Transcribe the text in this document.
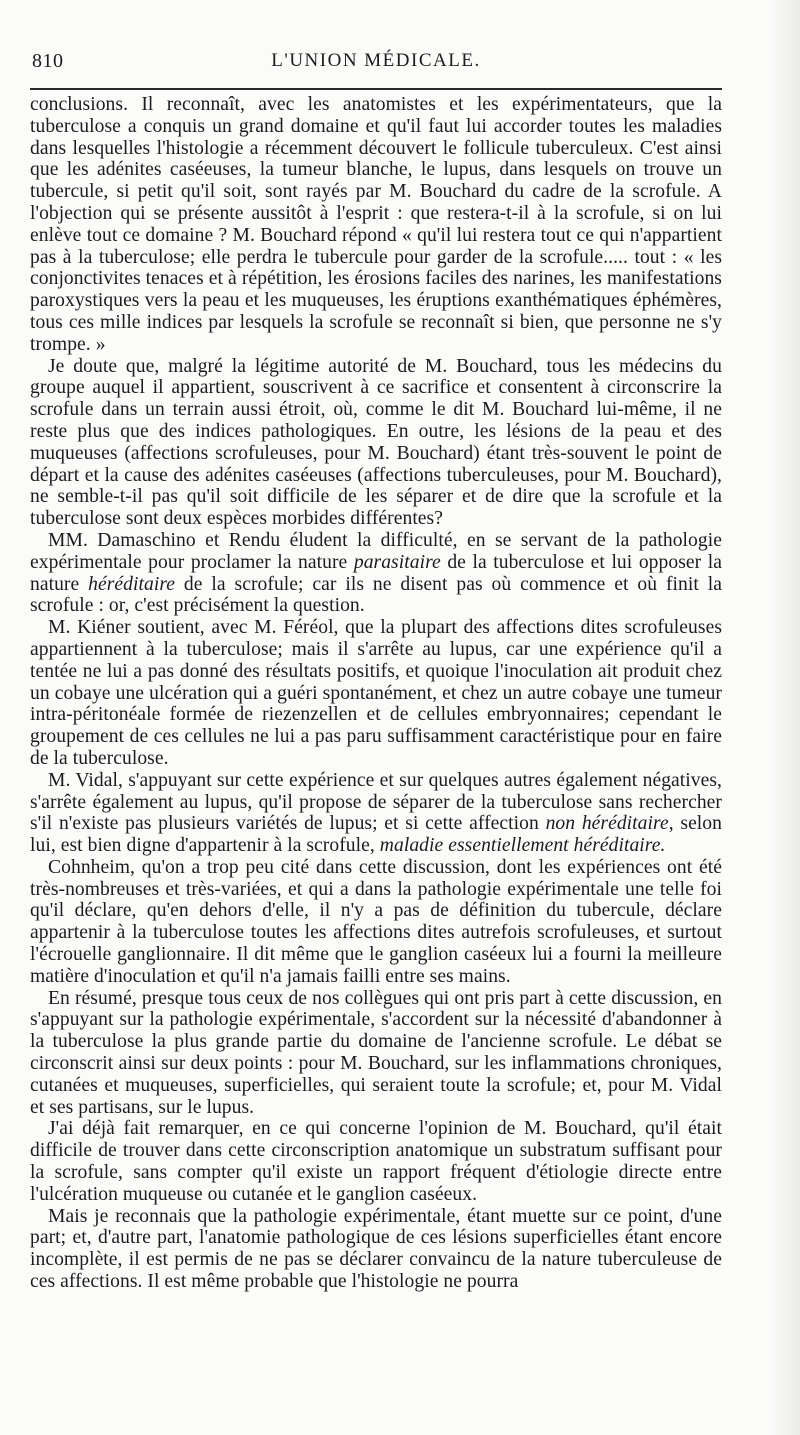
810	L'UNION MÉDICALE.

conclusions. Il reconnaît, avec les anatomistes et les expérimentateurs, que la tuberculose a conquis un grand domaine et qu'il faut lui accorder toutes les maladies dans lesquelles l'histologie a récemment découvert le follicule tuberculeux. C'est ainsi que les adénites caséeuses, la tumeur blanche, le lupus, dans lesquels on trouve un tubercule, si petit qu'il soit, sont rayés par M. Bouchard du cadre de la scrofule. A l'objection qui se présente aussitôt à l'esprit : que restera-t-il à la scrofule, si on lui enlève tout ce domaine ? M. Bouchard répond « qu'il lui restera tout ce qui n'appartient pas à la tuberculose; elle perdra le tubercule pour garder de la scrofule..... tout : « les conjonctivites tenaces et à répétition, les érosions faciles des narines, les manifestations paroxystiques vers la peau et les muqueuses, les éruptions exanthématiques éphémères, tous ces mille indices par lesquels la scrofule se reconnaît si bien, que personne ne s'y trompe. »

Je doute que, malgré la légitime autorité de M. Bouchard, tous les médecins du groupe auquel il appartient, souscrivent à ce sacrifice et consentent à circonscrire la scrofule dans un terrain aussi étroit, où, comme le dit M. Bouchard lui-même, il ne reste plus que des indices pathologiques. En outre, les lésions de la peau et des muqueuses (affections scrofuleuses, pour M. Bouchard) étant très-souvent le point de départ et la cause des adénites caséeuses (affections tuberculeuses, pour M. Bouchard), ne semble-t-il pas qu'il soit difficile de les séparer et de dire que la scrofule et la tuberculose sont deux espèces morbides différentes?

MM. Damaschino et Rendu éludent la difficulté, en se servant de la pathologie expérimentale pour proclamer la nature parasitaire de la tuberculose et lui opposer la nature héréditaire de la scrofule; car ils ne disent pas où commence et où finit la scrofule : or, c'est précisément la question.

M. Kiéner soutient, avec M. Féréol, que la plupart des affections dites scrofuleuses appartiennent à la tuberculose; mais il s'arrête au lupus, car une expérience qu'il a tentée ne lui a pas donné des résultats positifs, et quoique l'inoculation ait produit chez un cobaye une ulcération qui a guéri spontanément, et chez un autre cobaye une tumeur intra-péritonéale formée de riezenzellen et de cellules embryonnaires; cependant le groupement de ces cellules ne lui a pas paru suffisamment caractéristique pour en faire de la tuberculose.

M. Vidal, s'appuyant sur cette expérience et sur quelques autres également négatives, s'arrête également au lupus, qu'il propose de séparer de la tuberculose sans rechercher s'il n'existe pas plusieurs variétés de lupus; et si cette affection non héréditaire, selon lui, est bien digne d'appartenir à la scrofule, maladie essentiellement héréditaire.

Cohnheim, qu'on a trop peu cité dans cette discussion, dont les expériences ont été très-nombreuses et très-variées, et qui a dans la pathologie expérimentale une telle foi qu'il déclare, qu'en dehors d'elle, il n'y a pas de définition du tubercule, déclare appartenir à la tuberculose toutes les affections dites autrefois scrofuleuses, et surtout l'écrouelle ganglionnaire. Il dit même que le ganglion caséeux lui a fourni la meilleure matière d'inoculation et qu'il n'a jamais failli entre ses mains.

En résumé, presque tous ceux de nos collègues qui ont pris part à cette discussion, en s'appuyant sur la pathologie expérimentale, s'accordent sur la nécessité d'abandonner à la tuberculose la plus grande partie du domaine de l'ancienne scrofule. Le débat se circonscrit ainsi sur deux points : pour M. Bouchard, sur les inflammations chroniques, cutanées et muqueuses, superficielles, qui seraient toute la scrofule; et, pour M. Vidal et ses partisans, sur le lupus.

J'ai déjà fait remarquer, en ce qui concerne l'opinion de M. Bouchard, qu'il était difficile de trouver dans cette circonscription anatomique un substratum suffisant pour la scrofule, sans compter qu'il existe un rapport fréquent d'étiologie directe entre l'ulcération muqueuse ou cutanée et le ganglion caséeux.

Mais je reconnais que la pathologie expérimentale, étant muette sur ce point, d'une part; et, d'autre part, l'anatomie pathologique de ces lésions superficielles étant encore incomplète, il est permis de ne pas se déclarer convaincu de la nature tuberculeuse de ces affections. Il est même probable que l'histologie ne pourra
